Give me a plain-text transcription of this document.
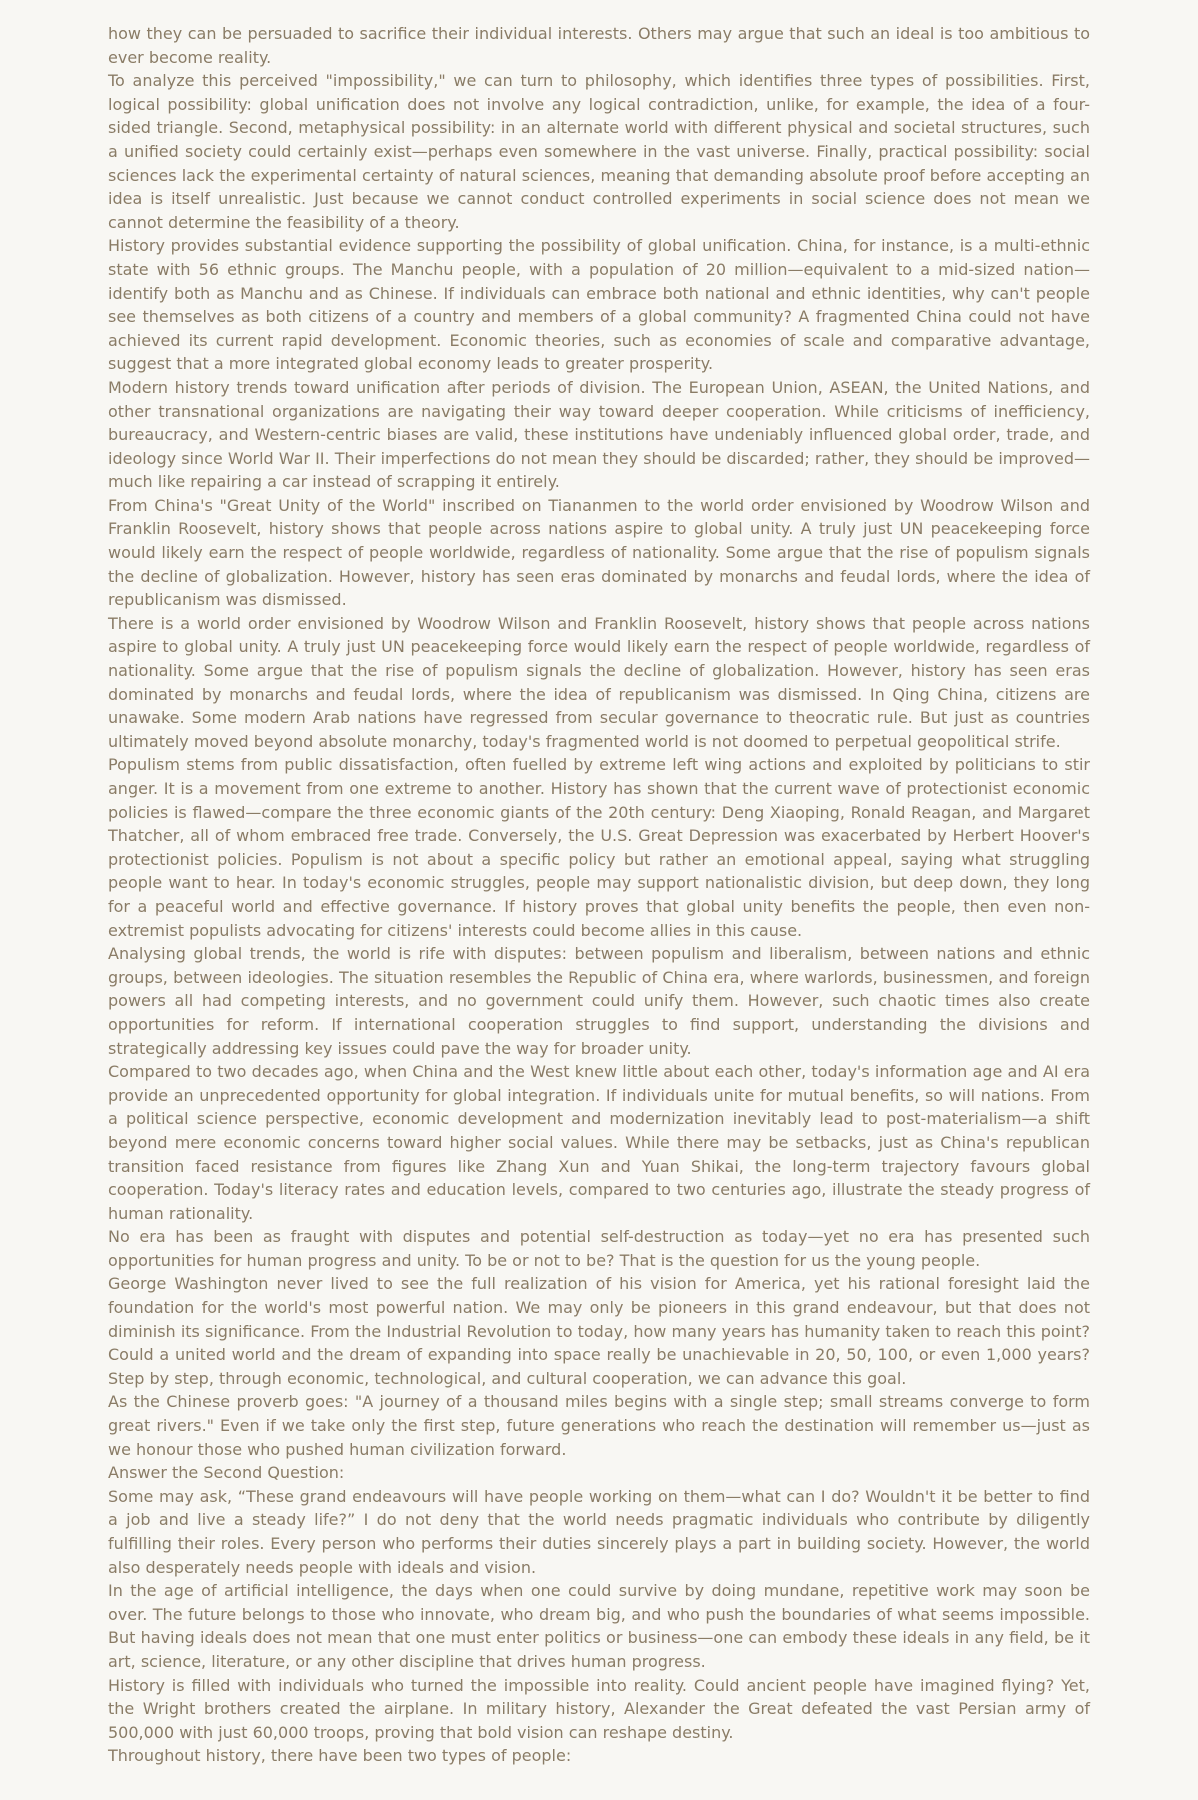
how they can be persuaded to sacrifice their individual interests. Others may argue that such an ideal is too ambitious to ever become reality.

To analyze this perceived "impossibility," we can turn to philosophy, which identifies three types of possibilities. First, logical possibility: global unification does not involve any logical contradiction, unlike, for example, the idea of a four-sided triangle. Second, metaphysical possibility: in an alternate world with different physical and societal structures, such a unified society could certainly exist—perhaps even somewhere in the vast universe. Finally, practical possibility: social sciences lack the experimental certainty of natural sciences, meaning that demanding absolute proof before accepting an idea is itself unrealistic. Just because we cannot conduct controlled experiments in social science does not mean we cannot determine the feasibility of a theory.

History provides substantial evidence supporting the possibility of global unification. China, for instance, is a multi-ethnic state with 56 ethnic groups. The Manchu people, with a population of 20 million—equivalent to a mid-sized nation—identify both as Manchu and as Chinese. If individuals can embrace both national and ethnic identities, why can't people see themselves as both citizens of a country and members of a global community? A fragmented China could not have achieved its current rapid development. Economic theories, such as economies of scale and comparative advantage, suggest that a more integrated global economy leads to greater prosperity.

Modern history trends toward unification after periods of division. The European Union, ASEAN, the United Nations, and other transnational organizations are navigating their way toward deeper cooperation. While criticisms of inefficiency, bureaucracy, and Western-centric biases are valid, these institutions have undeniably influenced global order, trade, and ideology since World War II. Their imperfections do not mean they should be discarded; rather, they should be improved—much like repairing a car instead of scrapping it entirely.

From China's "Great Unity of the World" inscribed on Tiananmen to the world order envisioned by Woodrow Wilson and Franklin Roosevelt, history shows that people across nations aspire to global unity. A truly just UN peacekeeping force would likely earn the respect of people worldwide, regardless of nationality. Some argue that the rise of populism signals the decline of globalization. However, history has seen eras dominated by monarchs and feudal lords, where the idea of republicanism was dismissed.

There is a world order envisioned by Woodrow Wilson and Franklin Roosevelt, history shows that people across nations aspire to global unity. A truly just UN peacekeeping force would likely earn the respect of people worldwide, regardless of nationality. Some argue that the rise of populism signals the decline of globalization. However, history has seen eras dominated by monarchs and feudal lords, where the idea of republicanism was dismissed. In Qing China, citizens are unawake. Some modern Arab nations have regressed from secular governance to theocratic rule. But just as countries ultimately moved beyond absolute monarchy, today's fragmented world is not doomed to perpetual geopolitical strife.

Populism stems from public dissatisfaction, often fuelled by extreme left wing actions and exploited by politicians to stir anger. It is a movement from one extreme to another. History has shown that the current wave of protectionist economic policies is flawed—compare the three economic giants of the 20th century: Deng Xiaoping, Ronald Reagan, and Margaret Thatcher, all of whom embraced free trade. Conversely, the U.S. Great Depression was exacerbated by Herbert Hoover's protectionist policies. Populism is not about a specific policy but rather an emotional appeal, saying what struggling people want to hear. In today's economic struggles, people may support nationalistic division, but deep down, they long for a peaceful world and effective governance. If history proves that global unity benefits the people, then even non-extremist populists advocating for citizens' interests could become allies in this cause.

Analysing global trends, the world is rife with disputes: between populism and liberalism, between nations and ethnic groups, between ideologies. The situation resembles the Republic of China era, where warlords, businessmen, and foreign powers all had competing interests, and no government could unify them. However, such chaotic times also create opportunities for reform. If international cooperation struggles to find support, understanding the divisions and strategically addressing key issues could pave the way for broader unity.

Compared to two decades ago, when China and the West knew little about each other, today's information age and AI era provide an unprecedented opportunity for global integration. If individuals unite for mutual benefits, so will nations. From a political science perspective, economic development and modernization inevitably lead to post-materialism—a shift beyond mere economic concerns toward higher social values. While there may be setbacks, just as China's republican transition faced resistance from figures like Zhang Xun and Yuan Shikai, the long-term trajectory favours global cooperation. Today's literacy rates and education levels, compared to two centuries ago, illustrate the steady progress of human rationality.

No era has been as fraught with disputes and potential self-destruction as today—yet no era has presented such opportunities for human progress and unity. To be or not to be? That is the question for us the young people.

George Washington never lived to see the full realization of his vision for America, yet his rational foresight laid the foundation for the world's most powerful nation. We may only be pioneers in this grand endeavour, but that does not diminish its significance. From the Industrial Revolution to today, how many years has humanity taken to reach this point? Could a united world and the dream of expanding into space really be unachievable in 20, 50, 100, or even 1,000 years? Step by step, through economic, technological, and cultural cooperation, we can advance this goal.

As the Chinese proverb goes: "A journey of a thousand miles begins with a single step; small streams converge to form great rivers." Even if we take only the first step, future generations who reach the destination will remember us—just as we honour those who pushed human civilization forward.

Answer the Second Question:

Some may ask, “These grand endeavours will have people working on them—what can I do? Wouldn't it be better to find a job and live a steady life?” I do not deny that the world needs pragmatic individuals who contribute by diligently fulfilling their roles. Every person who performs their duties sincerely plays a part in building society. However, the world also desperately needs people with ideals and vision.

In the age of artificial intelligence, the days when one could survive by doing mundane, repetitive work may soon be over. The future belongs to those who innovate, who dream big, and who push the boundaries of what seems impossible. But having ideals does not mean that one must enter politics or business—one can embody these ideals in any field, be it art, science, literature, or any other discipline that drives human progress.

History is filled with individuals who turned the impossible into reality. Could ancient people have imagined flying? Yet, the Wright brothers created the airplane. In military history, Alexander the Great defeated the vast Persian army of 500,000 with just 60,000 troops, proving that bold vision can reshape destiny.

Throughout history, there have been two types of people:
